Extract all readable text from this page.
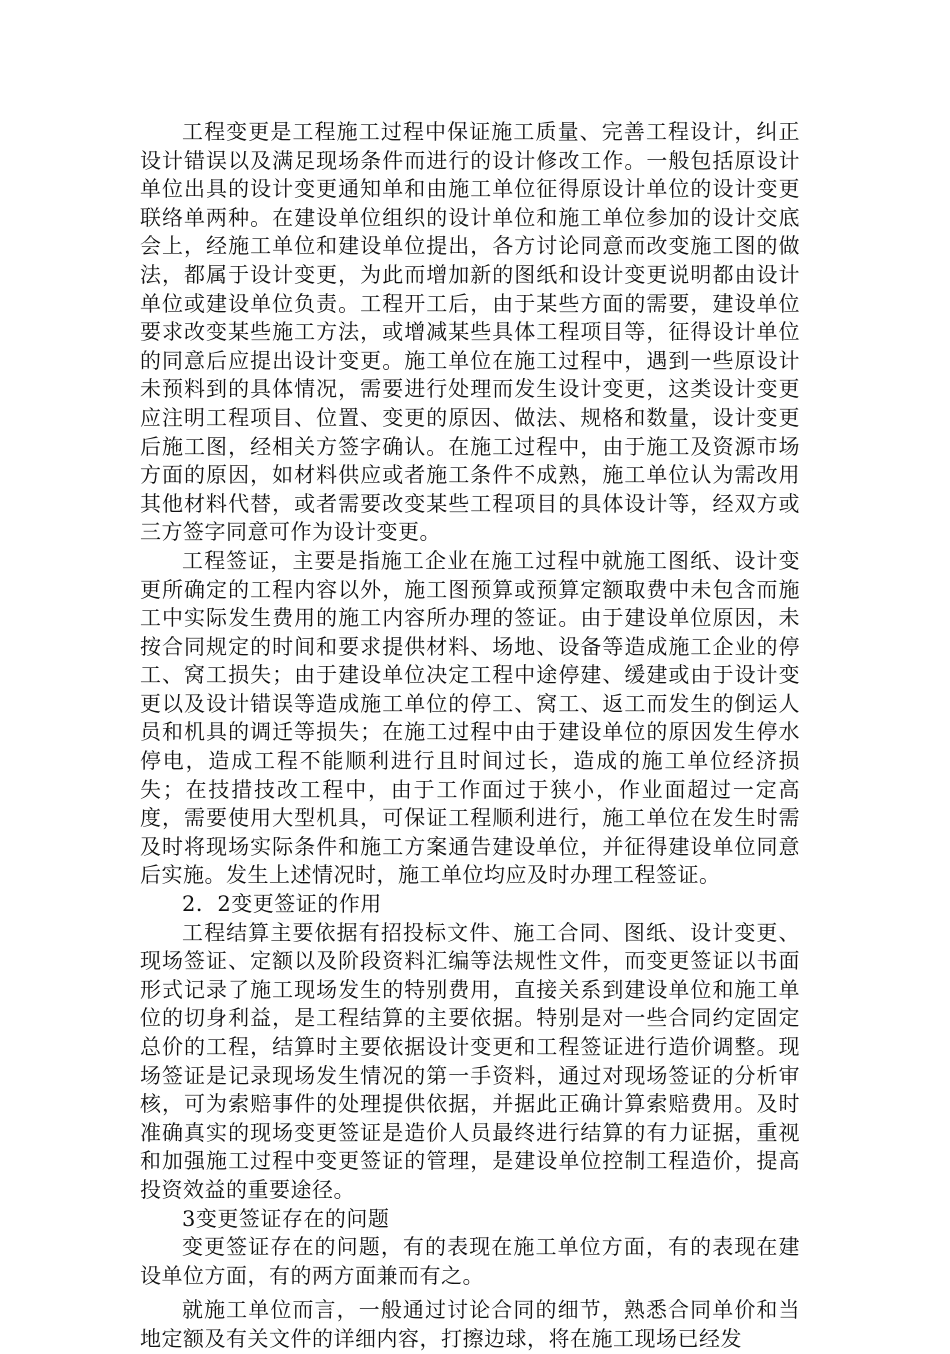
工程变更是工程施工过程中保证施工质量、完善工程设计，纠正设计错误以及满足现场条件而进行的设计修改工作。一般包括原设计单位出具的设计变更通知单和由施工单位征得原设计单位的设计变更联络单两种。在建设单位组织的设计单位和施工单位参加的设计交底会上，经施工单位和建设单位提出，各方讨论同意而改变施工图的做法，都属于设计变更，为此而增加新的图纸和设计变更说明都由设计单位或建设单位负责。工程开工后，由于某些方面的需要，建设单位要求改变某些施工方法，或增减某些具体工程项目等，征得设计单位的同意后应提出设计变更。施工单位在施工过程中，遇到一些原设计未预料到的具体情况，需要进行处理而发生设计变更，这类设计变更应注明工程项目、位置、变更的原因、做法、规格和数量，设计变更后施工图，经相关方签字确认。在施工过程中，由于施工及资源市场方面的原因，如材料供应或者施工条件不成熟，施工单位认为需改用其他材料代替，或者需要改变某些工程项目的具体设计等，经双方或三方签字同意可作为设计变更。

工程签证，主要是指施工企业在施工过程中就施工图纸、设计变更所确定的工程内容以外，施工图预算或预算定额取费中未包含而施工中实际发生费用的施工内容所办理的签证。由于建设单位原因，未按合同规定的时间和要求提供材料、场地、设备等造成施工企业的停工、窝工损失；由于建设单位决定工程中途停建、缓建或由于设计变更以及设计错误等造成施工单位的停工、窝工、返工而发生的倒运人员和机具的调迁等损失；在施工过程中由于建设单位的原因发生停水停电，造成工程不能顺利进行且时间过长，造成的施工单位经济损失；在技措技改工程中，由于工作面过于狭小，作业面超过一定高度，需要使用大型机具，可保证工程顺利进行，施工单位在发生时需及时将现场实际条件和施工方案通告建设单位，并征得建设单位同意后实施。发生上述情况时，施工单位均应及时办理工程签证。

2．2变更签证的作用

工程结算主要依据有招投标文件、施工合同、图纸、设计变更、现场签证、定额以及阶段资料汇编等法规性文件，而变更签证以书面形式记录了施工现场发生的特别费用，直接关系到建设单位和施工单位的切身利益，是工程结算的主要依据。特别是对一些合同约定固定总价的工程，结算时主要依据设计变更和工程签证进行造价调整。现场签证是记录现场发生情况的第一手资料，通过对现场签证的分析审核，可为索赔事件的处理提供依据，并据此正确计算索赔费用。及时准确真实的现场变更签证是造价人员最终进行结算的有力证据，重视和加强施工过程中变更签证的管理，是建设单位控制工程造价，提高投资效益的重要途径。

3变更签证存在的问题

变更签证存在的问题，有的表现在施工单位方面，有的表现在建设单位方面，有的两方面兼而有之。

就施工单位而言，一般通过讨论合同的细节，熟悉合同单价和当地定额及有关文件的详细内容，打擦边球，将在施工现场已经发
